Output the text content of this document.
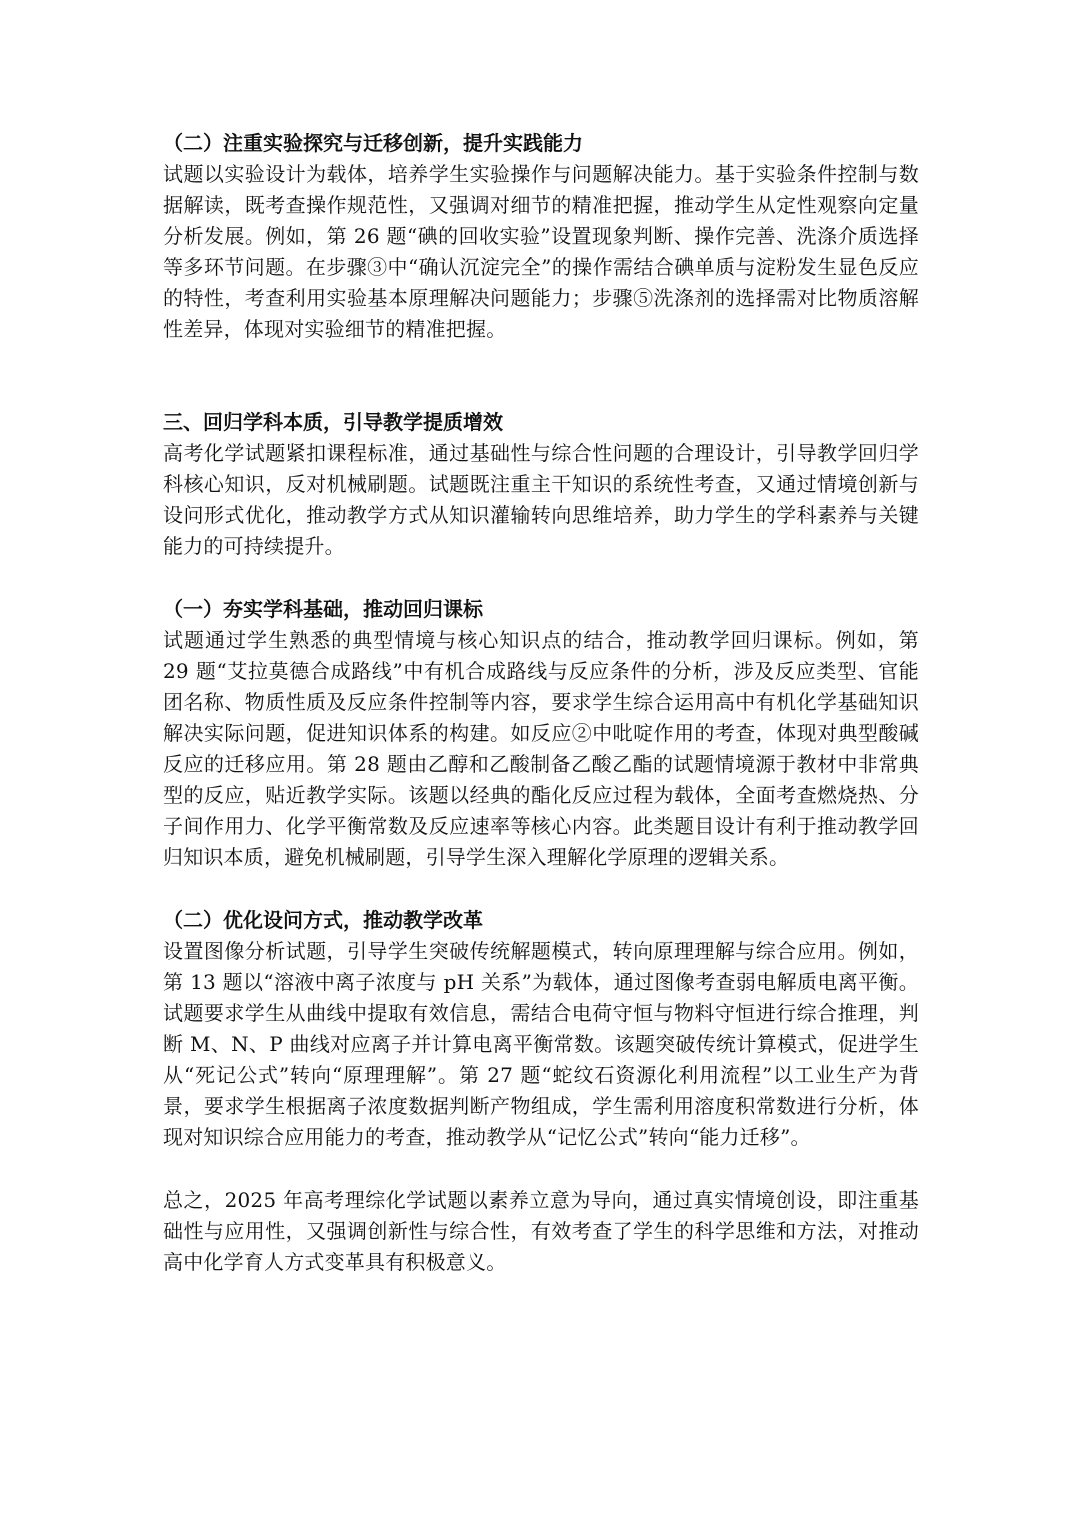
（二）注重实验探究与迁移创新，提升实践能力

试题以实验设计为载体，培养学生实验操作与问题解决能力。基于实验条件控制与数据解读，既考查操作规范性，又强调对细节的精准把握，推动学生从定性观察向定量分析发展。例如，第 26 题“碘的回收实验”设置现象判断、操作完善、洗涤介质选择等多环节问题。在步骤③中“确认沉淀完全”的操作需结合碘单质与淀粉发生显色反应的特性，考查利用实验基本原理解决问题能力；步骤⑤洗涤剂的选择需对比物质溶解性差异，体现对实验细节的精准把握。

三、回归学科本质，引导教学提质增效

高考化学试题紧扣课程标准，通过基础性与综合性问题的合理设计，引导教学回归学科核心知识，反对机械刷题。试题既注重主干知识的系统性考查，又通过情境创新与设问形式优化，推动教学方式从知识灌输转向思维培养，助力学生的学科素养与关键能力的可持续提升。

（一）夯实学科基础，推动回归课标

试题通过学生熟悉的典型情境与核心知识点的结合，推动教学回归课标。例如，第 29 题“艾拉莫德合成路线”中有机合成路线与反应条件的分析，涉及反应类型、官能团名称、物质性质及反应条件控制等内容，要求学生综合运用高中有机化学基础知识解决实际问题，促进知识体系的构建。如反应②中吡啶作用的考查，体现对典型酸碱反应的迁移应用。第 28 题由乙醇和乙酸制备乙酸乙酯的试题情境源于教材中非常典型的反应，贴近教学实际。该题以经典的酯化反应过程为载体，全面考查燃烧热、分子间作用力、化学平衡常数及反应速率等核心内容。此类题目设计有利于推动教学回归知识本质，避免机械刷题，引导学生深入理解化学原理的逻辑关系。

（二）优化设问方式，推动教学改革

设置图像分析试题，引导学生突破传统解题模式，转向原理理解与综合应用。例如，第 13 题以“溶液中离子浓度与 pH 关系”为载体，通过图像考查弱电解质电离平衡。试题要求学生从曲线中提取有效信息，需结合电荷守恒与物料守恒进行综合推理，判断 M、N、P 曲线对应离子并计算电离平衡常数。该题突破传统计算模式，促进学生从“死记公式”转向“原理理解”。第 27 题“蛇纹石资源化利用流程”以工业生产为背景，要求学生根据离子浓度数据判断产物组成，学生需利用溶度积常数进行分析，体现对知识综合应用能力的考查，推动教学从“记忆公式”转向“能力迁移”。

总之，2025 年高考理综化学试题以素养立意为导向，通过真实情境创设，即注重基础性与应用性，又强调创新性与综合性，有效考查了学生的科学思维和方法，对推动高中化学育人方式变革具有积极意义。
